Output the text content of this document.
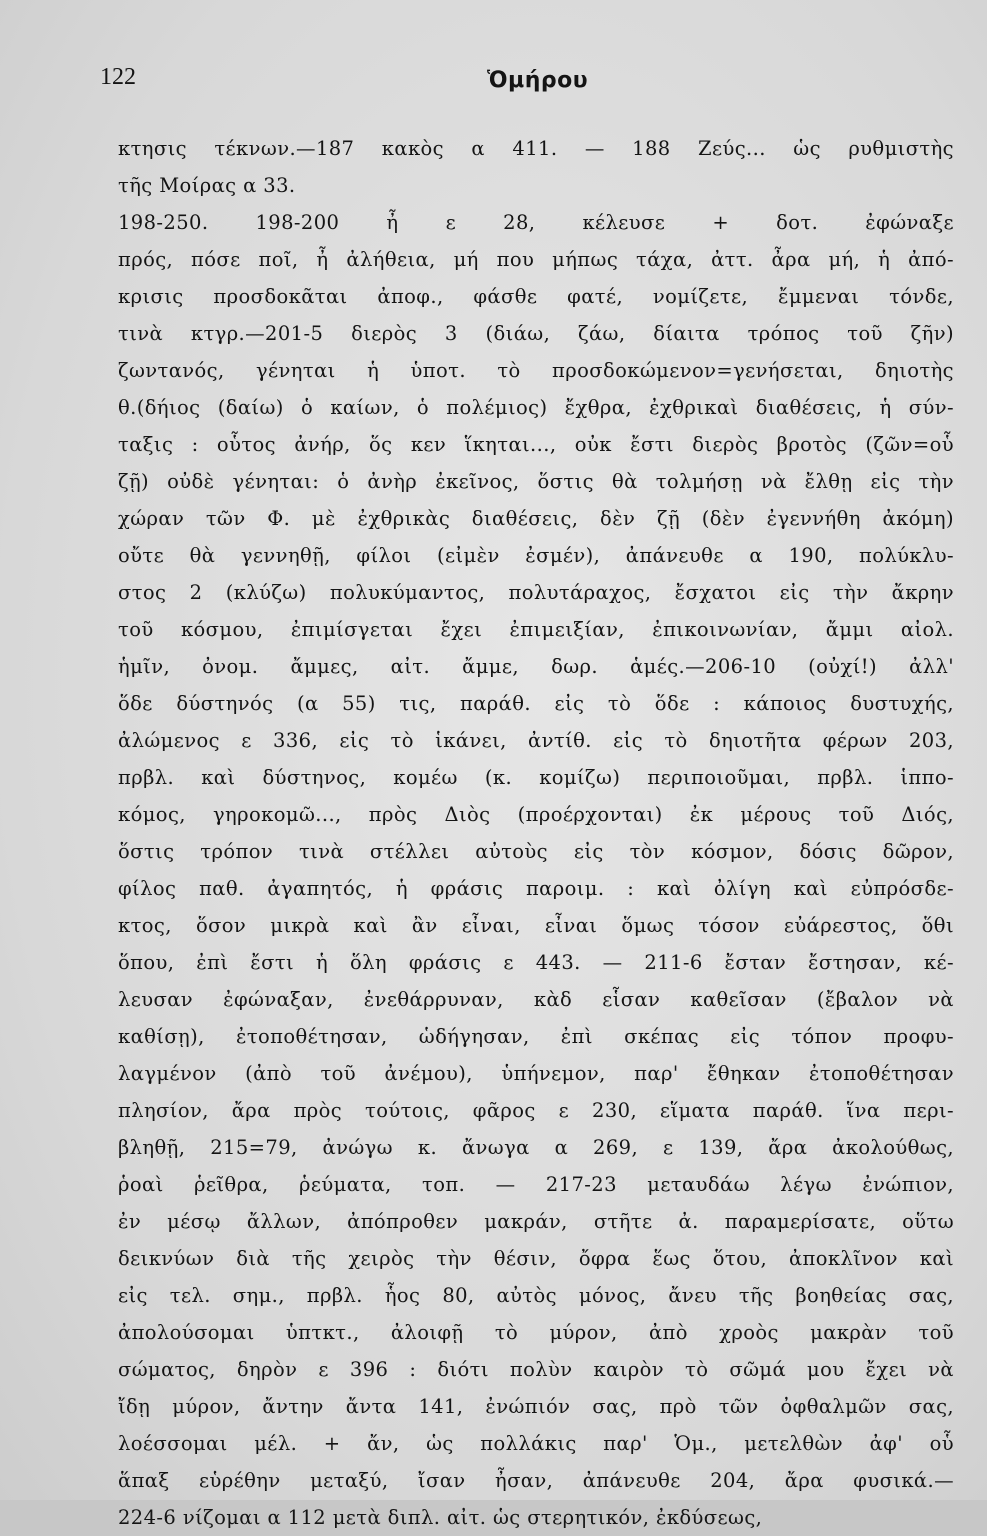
122	Ὁμήρου
κτησις τέκνων.—187 κακὸς α 411. — 188 Ζεύς... ὡς ρυθμιστὴς
τῆς Μοίρας α 33.
198-250. 198-200 ἦ ε 28, κέλευσε + δοτ. ἐφώναξε
πρός, πόσε ποῖ, ἦ ἀλήθεια, μή που μήπως τάχα, ἀττ. ἆρα μή, ἡ ἀπό-
κρισις προσδοκᾶται ἀποφ., φάσθε φατέ, νομίζετε, ἔμμεναι τόνδε,
τινὰ κτγρ.—201-5 διερὸς 3 (διάω, ζάω, δίαιτα τρόπος τοῦ ζῆν)
ζωντανός, γένηται ἡ ὑποτ. τὸ προσδοκώμενον=γενήσεται, δηιοτὴς
θ.(δήιος (δαίω) ὁ καίων, ὁ πολέμιος) ἔχθρα, ἐχθρικαὶ διαθέσεις, ἡ σύν-
ταξις : οὗτος ἀνήρ, ὅς κεν ἵκηται..., οὐκ ἔστι διερὸς βροτὸς (ζῶν=οὗ
ζῇ) οὐδὲ γένηται: ὁ ἀνὴρ ἐκεῖνος, ὅστις θὰ τολμήσῃ νὰ ἔλθῃ εἰς τὴν
χώραν τῶν Φ. μὲ ἐχθρικὰς διαθέσεις, δὲν ζῇ (δὲν ἐγεννήθη ἀκόμη)
οὔτε θὰ γεννηθῇ, φίλοι (εἰμὲν ἐσμέν), ἀπάνευθε α 190, πολύκλυ-
στος 2 (κλύζω) πολυκύμαντος, πολυτάραχος, ἔσχατοι εἰς τὴν ἄκρην
τοῦ κόσμου, ἐπιμίσγεται ἔχει ἐπιμειξίαν, ἐπικοινωνίαν, ἄμμι αἰολ.
ἡμῖν, ὀνομ. ἄμμες, αἰτ. ἄμμε, δωρ. ἁμές.—206-10 (οὐχί!) ἀλλ'
ὅδε δύστηνός (α 55) τις, παράθ. εἰς τὸ ὅδε : κάποιος δυστυχής,
ἀλώμενος ε 336, εἰς τὸ ἱκάνει, ἀντίθ. εἰς τὸ δηιοτῆτα φέρων 203,
πρβλ. καὶ δύστηνος, κομέω (κ. κομίζω) περιποιοῦμαι, πρβλ. ἱππο-
κόμος, γηροκομῶ..., πρὸς Διὸς (προέρχονται) ἐκ μέρους τοῦ Διός,
ὅστις τρόπον τινὰ στέλλει αὐτοὺς εἰς τὸν κόσμον, δόσις δῶρον,
φίλος παθ. ἀγαπητός, ἡ φράσις παροιμ. : καὶ ὀλίγη καὶ εὐπρόσδε-
κτος, ὅσον μικρὰ καὶ ἂν εἶναι, εἶναι ὅμως τόσον εὐάρεστος, ὅθι
ὅπου, ἐπὶ ἔστι ἡ ὅλη φράσις ε 443. — 211-6 ἔσταν ἔστησαν, κέ-
λευσαν ἐφώναξαν, ἐνεθάρρυναν, κὰδ εἷσαν καθεῖσαν (ἔβαλον νὰ
καθίσῃ), ἐτοποθέτησαν, ὡδήγησαν, ἐπὶ σκέπας εἰς τόπον προφυ-
λαγμένον (ἀπὸ τοῦ ἀνέμου), ὑπήνεμον, παρ' ἔθηκαν ἐτοποθέτησαν
πλησίον, ἄρα πρὸς τούτοις, φᾶρος ε 230, εἵματα παράθ. ἵνα περι-
βληθῇ, 215=79, ἀνώγω κ. ἄνωγα α 269, ε 139, ἄρα ἀκολούθως,
ῥοαὶ ῥεῖθρα, ῥεύματα, τοπ. — 217-23 μεταυδάω λέγω ἐνώπιον,
ἐν μέσῳ ἄλλων, ἀπόπροθεν μακράν, στῆτε ἀ. παραμερίσατε, οὕτω
δεικνύων διὰ τῆς χειρὸς τὴν θέσιν, ὄφρα ἕως ὅτου, ἀποκλῖνον καὶ
εἰς τελ. σημ., πρβλ. ἧος 80, αὐτὸς μόνος, ἄνευ τῆς βοηθείας σας,
ἀπολούσομαι ὑπτκτ., ἀλοιφῇ τὸ μύρον, ἀπὸ χροὸς μακρὰν τοῦ
σώματος, δηρὸν ε 396 : διότι πολὺν καιρὸν τὸ σῶμά μου ἔχει νὰ
ἴδῃ μύρον, ἄντην ἄντα 141, ἐνώπιόν σας, πρὸ τῶν ὀφθαλμῶν σας,
λοέσσομαι μέλ. + ἄν, ὡς πολλάκις παρ' Ὁμ., μετελθὼν ἀφ' οὗ
ἅπαξ εὑρέθην μεταξύ, ἴσαν ἦσαν, ἀπάνευθε 204, ἄρα φυσικά.—
224-6 νίζομαι α 112 μετὰ διπλ. αἰτ. ὡς στερητικόν, ἐκδύσεως,
